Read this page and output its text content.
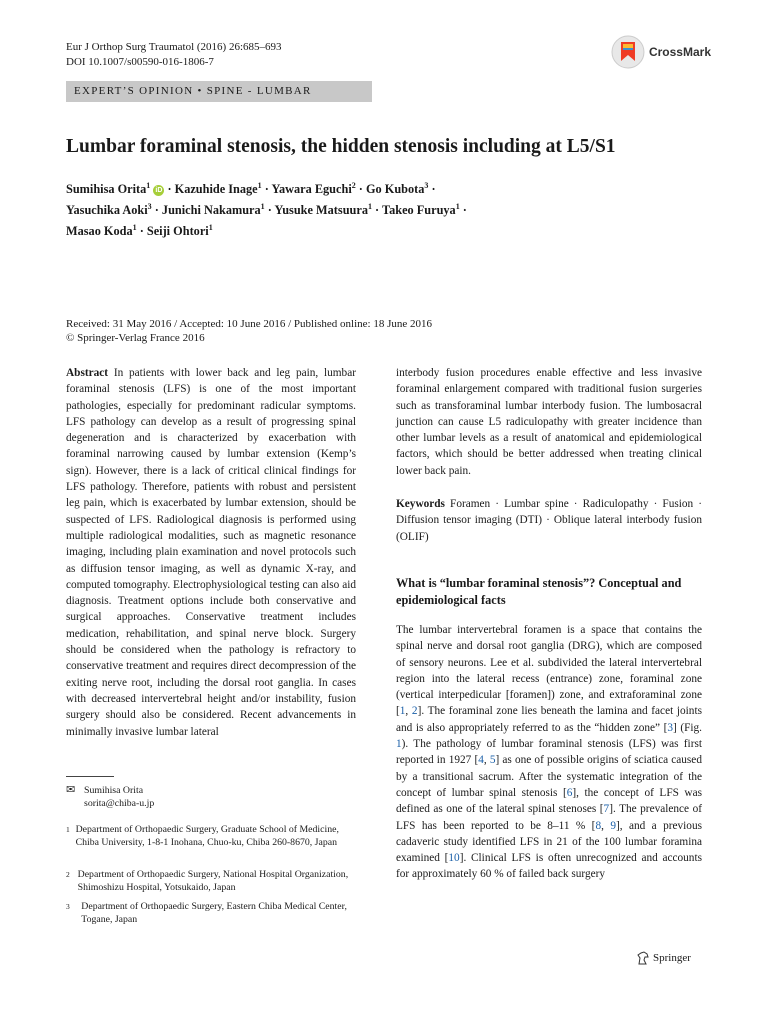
Eur J Orthop Surg Traumatol (2016) 26:685–693
DOI 10.1007/s00590-016-1806-7
CrossMark
EXPERT’S OPINION • SPINE - LUMBAR
Lumbar foraminal stenosis, the hidden stenosis including at L5/S1
Sumihisa Orita$^1$ iD · Kazuhide Inage$^1$ · Yawara Eguchi$^2$ · Go Kubota$^3$ ·
Yasuchika Aoki$^3$ · Junichi Nakamura$^1$ · Yusuke Matsuura$^1$ · Takeo Furuya$^1$ ·
Masao Koda$^1$ · Seiji Ohtori$^1$
Received: 31 May 2016 / Accepted: 10 June 2016 / Published online: 18 June 2016
© Springer-Verlag France 2016
Abstract In patients with lower back and leg pain, lumbar foraminal stenosis (LFS) is one of the most important pathologies, especially for predominant radicular symptoms. LFS pathology can develop as a result of progressing spinal degeneration and is characterized by exacerbation with foraminal narrowing caused by lumbar extension (Kemp’s sign). However, there is a lack of critical clinical findings for LFS pathology. Therefore, patients with robust and persistent leg pain, which is exacerbated by lumbar extension, should be suspected of LFS. Radiological diagnosis is performed using multiple radiological modalities, such as magnetic resonance imaging, including plain examination and novel protocols such as diffusion tensor imaging, as well as dynamic X-ray, and computed tomography. Electrophysiological testing can also aid diagnosis. Treatment options include both conservative and surgical approaches. Conservative treatment includes medication, rehabilitation, and spinal nerve block. Surgery should be considered when the pathology is refractory to conservative treatment and requires direct decompression of the exiting nerve root, including the dorsal root ganglia. In cases with decreased intervertebral height and/or instability, fusion surgery should also be considered. Recent advancements in minimally invasive lumbar lateral
✉ Sumihisa Orita
sorita@chiba-u.jp
1 Department of Orthopaedic Surgery, Graduate School of Medicine, Chiba University, 1-8-1 Inohana, Chuo-ku, Chiba 260-8670, Japan
2 Department of Orthopaedic Surgery, National Hospital Organization, Shimoshizu Hospital, Yotsukaido, Japan
3	Department of Orthopaedic Surgery, Eastern Chiba Medical Center, Togane, Japan
interbody fusion procedures enable effective and less invasive foraminal enlargement compared with traditional fusion surgeries such as transforaminal lumbar interbody fusion. The lumbosacral junction can cause L5 radiculopathy with greater incidence than other lumbar levels as a result of anatomical and epidemiological factors, which should be better addressed when treating clinical lower back pain.
Keywords Foramen · Lumbar spine · Radiculopathy · Fusion · Diffusion tensor imaging (DTI) · Oblique lateral interbody fusion (OLIF)
What is “lumbar foraminal stenosis”? Conceptual and epidemiological facts
The lumbar intervertebral foramen is a space that contains the spinal nerve and dorsal root ganglia (DRG), which are composed of sensory neurons. Lee et al. subdivided the lateral intervertebral region into the lateral recess (entrance) zone, foraminal zone (vertical interpedicular [foramen]) zone, and extraforaminal zone [1, 2]. The foraminal zone lies beneath the lamina and facet joints and is also appropriately referred to as the “hidden zone” [3] (Fig. 1). The pathology of lumbar foraminal stenosis (LFS) was first reported in 1927 [4, 5] as one of possible origins of sciatica caused by a transitional sacrum. After the systematic integration of the concept of lumbar spinal stenosis [6], the concept of LFS was defined as one of the lateral spinal stenoses [7]. The prevalence of LFS has been reported to be 8–11 % [8, 9], and a previous cadaveric study identified LFS in 21 of the 100 lumbar foramina examined [10]. Clinical LFS is often unrecognized and accounts for approximately 60 % of failed back surgery
Springer
